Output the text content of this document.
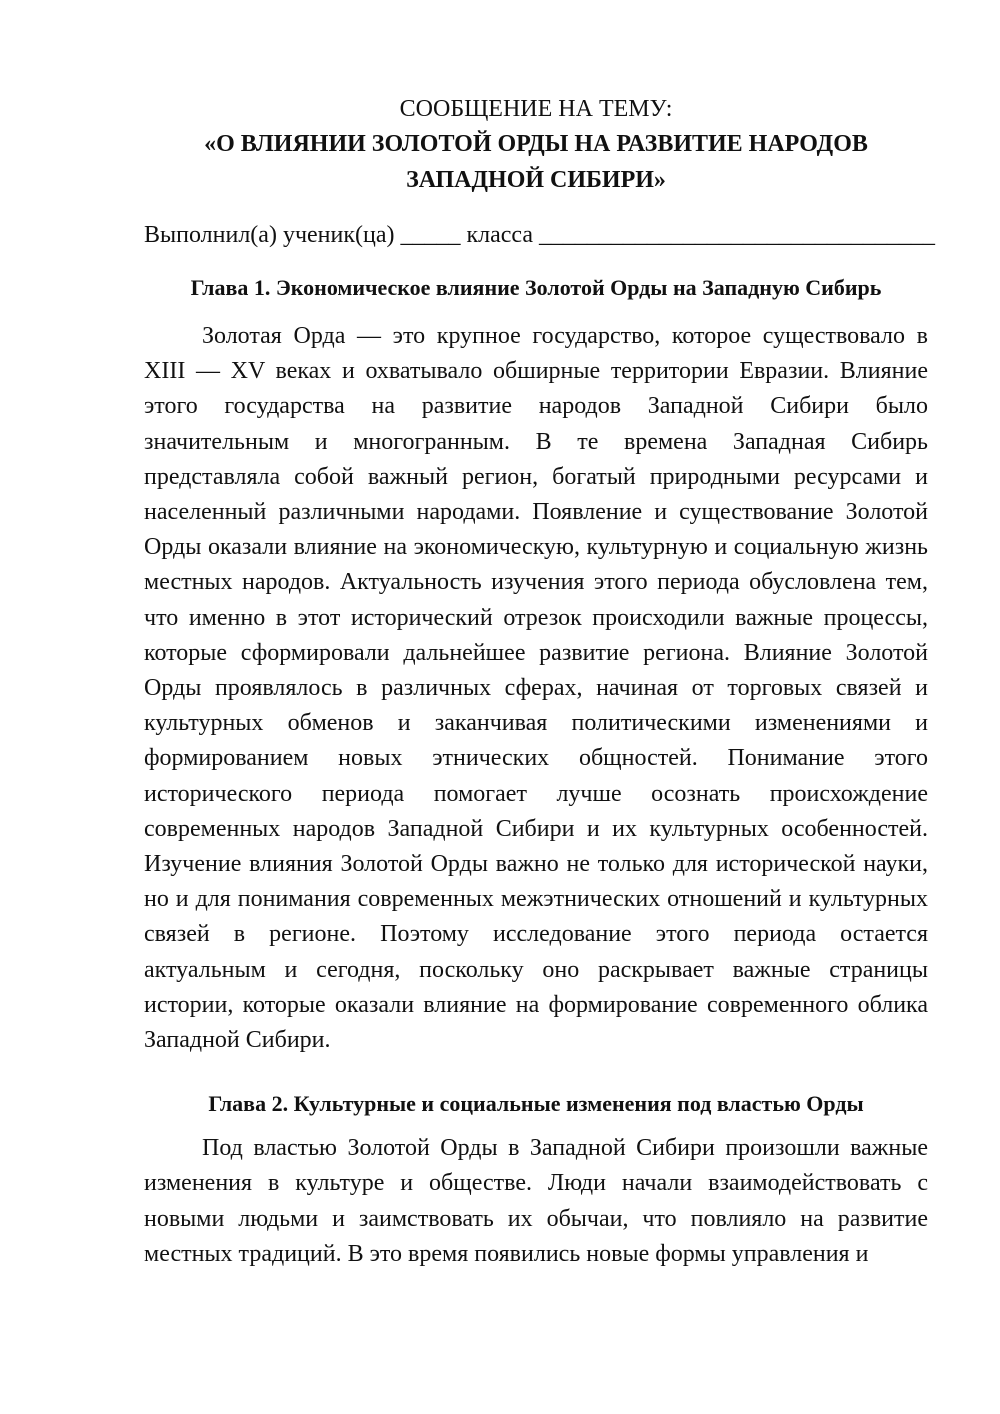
СООБЩЕНИЕ НА ТЕМУ:

«О ВЛИЯНИИ ЗОЛОТОЙ ОРДЫ НА РАЗВИТИЕ НАРОДОВ

ЗАПАДНОЙ СИБИРИ»

Выполнил(а) ученик(ца) _____ класса _________________________________

Глава 1. Экономическое влияние Золотой Орды на Западную Сибирь

Золотая Орда — это крупное государство, которое существовало в XIII — XV веках и охватывало обширные территории Евразии. Влияние этого государства на развитие народов Западной Сибири было значительным и многогранным. В те времена Западная Сибирь представляла собой важный регион, богатый природными ресурсами и населенный различными народами. Появление и существование Золотой Орды оказали влияние на экономическую, культурную и социальную жизнь местных народов. Актуальность изучения этого периода обусловлена тем, что именно в этот исторический отрезок происходили важные процессы, которые сформировали дальнейшее развитие региона. Влияние Золотой Орды проявлялось в различных сферах, начиная от торговых связей и культурных обменов и заканчивая политическими изменениями и формированием новых этнических общностей. Понимание этого исторического периода помогает лучше осознать происхождение современных народов Западной Сибири и их культурных особенностей. Изучение влияния Золотой Орды важно не только для исторической науки, но и для понимания современных межэтнических отношений и культурных связей в регионе. Поэтому исследование этого периода остается актуальным и сегодня, поскольку оно раскрывает важные страницы истории, которые оказали влияние на формирование современного облика Западной Сибири.

Глава 2. Культурные и социальные изменения под властью Орды

Под властью Золотой Орды в Западной Сибири произошли важные изменения в культуре и обществе. Люди начали взаимодействовать с новыми людьми и заимствовать их обычаи, что повлияло на развитие местных традиций. В это время появились новые формы управления и
